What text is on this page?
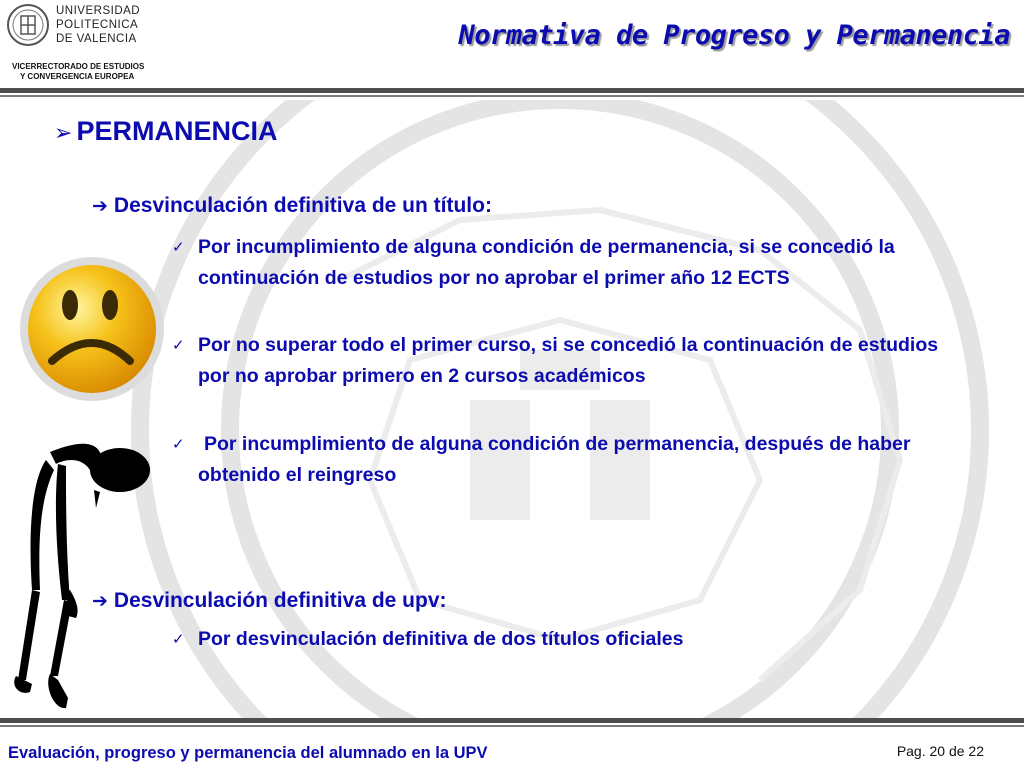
UNIVERSIDAD
POLITECNICA
DE VALENCIA
VICERRECTORADO DE ESTUDIOS
Y CONVERGENCIA EUROPEA
Normativa de Progreso y Permanencia
➢ PERMANENCIA
➔ Desvinculación definitiva de un título:
✓ Por incumplimiento de alguna condición de permanencia, si se concedió la continuación de estudios por no aprobar el primer año 12 ECTS
✓ Por no superar todo el primer curso, si se concedió la continuación de estudios por no aprobar primero en 2 cursos académicos
✓ Por incumplimiento de alguna condición de permanencia, después de haber obtenido el reingreso
➔ Desvinculación definitiva de upv:
✓ Por desvinculación definitiva de dos títulos oficiales
Evaluación, progreso y permanencia del alumnado en la UPV	Pag. 20 de 22
